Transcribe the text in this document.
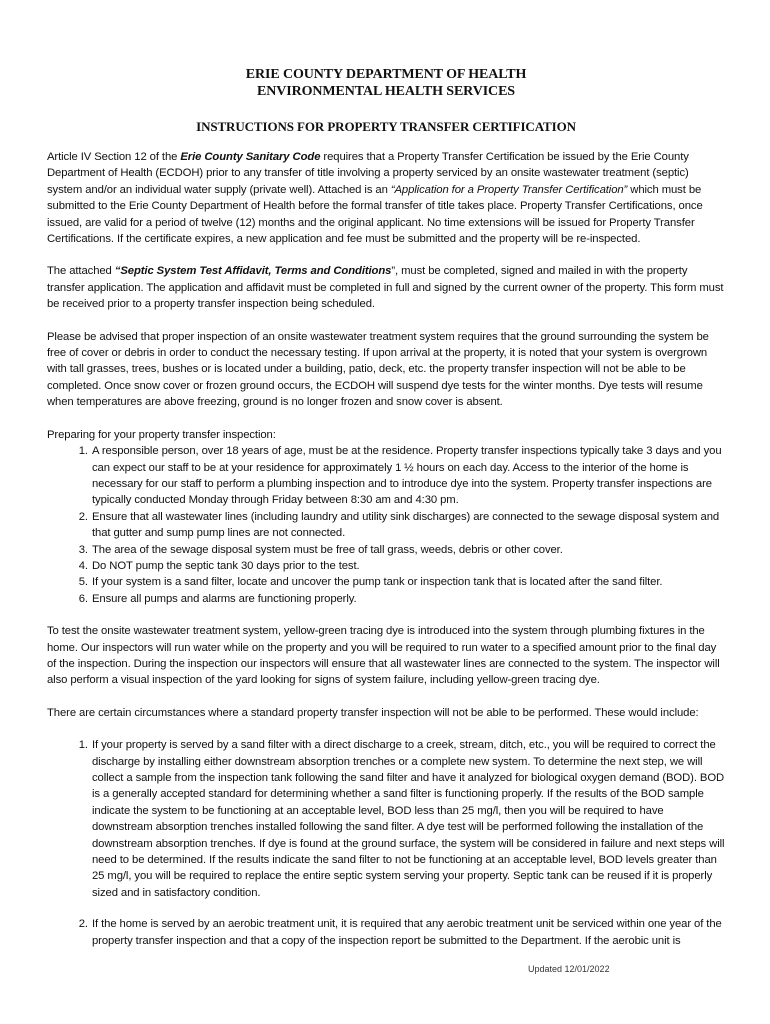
ERIE COUNTY DEPARTMENT OF HEALTH
ENVIRONMENTAL HEALTH SERVICES
INSTRUCTIONS FOR PROPERTY TRANSFER CERTIFICATION

Article IV Section 12 of the Erie County Sanitary Code requires that a Property Transfer Certification be issued by the Erie County Department of Health (ECDOH) prior to any transfer of title involving a property serviced by an onsite wastewater treatment (septic) system and/or an individual water supply (private well). Attached is an “Application for a Property Transfer Certification” which must be submitted to the Erie County Department of Health before the formal transfer of title takes place. Property Transfer Certifications, once issued, are valid for a period of twelve (12) months and the original applicant. No time extensions will be issued for Property Transfer Certifications. If the certificate expires, a new application and fee must be submitted and the property will be re-inspected.

The attached “Septic System Test Affidavit, Terms and Conditions”, must be completed, signed and mailed in with the property transfer application. The application and affidavit must be completed in full and signed by the current owner of the property. This form must be received prior to a property transfer inspection being scheduled.

Please be advised that proper inspection of an onsite wastewater treatment system requires that the ground surrounding the system be free of cover or debris in order to conduct the necessary testing. If upon arrival at the property, it is noted that your system is overgrown with tall grasses, trees, bushes or is located under a building, patio, deck, etc. the property transfer inspection will not be able to be completed. Once snow cover or frozen ground occurs, the ECDOH will suspend dye tests for the winter months. Dye tests will resume when temperatures are above freezing, ground is no longer frozen and snow cover is absent.

Preparing for your property transfer inspection:
1. A responsible person, over 18 years of age, must be at the residence. Property transfer inspections typically take 3 days and you can expect our staff to be at your residence for approximately 1 ½ hours on each day. Access to the interior of the home is necessary for our staff to perform a plumbing inspection and to introduce dye into the system. Property transfer inspections are typically conducted Monday through Friday between 8:30 am and 4:30 pm.
2. Ensure that all wastewater lines (including laundry and utility sink discharges) are connected to the sewage disposal system and that gutter and sump pump lines are not connected.
3. The area of the sewage disposal system must be free of tall grass, weeds, debris or other cover.
4. Do NOT pump the septic tank 30 days prior to the test.
5. If your system is a sand filter, locate and uncover the pump tank or inspection tank that is located after the sand filter.
6. Ensure all pumps and alarms are functioning properly.

To test the onsite wastewater treatment system, yellow-green tracing dye is introduced into the system through plumbing fixtures in the home. Our inspectors will run water while on the property and you will be required to run water to a specified amount prior to the final day of the inspection. During the inspection our inspectors will ensure that all wastewater lines are connected to the system. The inspector will also perform a visual inspection of the yard looking for signs of system failure, including yellow-green tracing dye.

There are certain circumstances where a standard property transfer inspection will not be able to be performed. These would include:

1. If your property is served by a sand filter with a direct discharge to a creek, stream, ditch, etc., you will be required to correct the discharge by installing either downstream absorption trenches or a complete new system. To determine the next step, we will collect a sample from the inspection tank following the sand filter and have it analyzed for biological oxygen demand (BOD). BOD is a generally accepted standard for determining whether a sand filter is functioning properly. If the results of the BOD sample indicate the system to be functioning at an acceptable level, BOD less than 25 mg/l, then you will be required to have downstream absorption trenches installed following the sand filter. A dye test will be performed following the installation of the downstream absorption trenches. If dye is found at the ground surface, the system will be considered in failure and next steps will need to be determined. If the results indicate the sand filter to not be functioning at an acceptable level, BOD levels greater than 25 mg/l, you will be required to replace the entire septic system serving your property. Septic tank can be reused if it is properly sized and in satisfactory condition.
2. If the home is served by an aerobic treatment unit, it is required that any aerobic treatment unit be serviced within one year of the property transfer inspection and that a copy of the inspection report be submitted to the Department. If the aerobic unit is
Updated 12/01/2022
